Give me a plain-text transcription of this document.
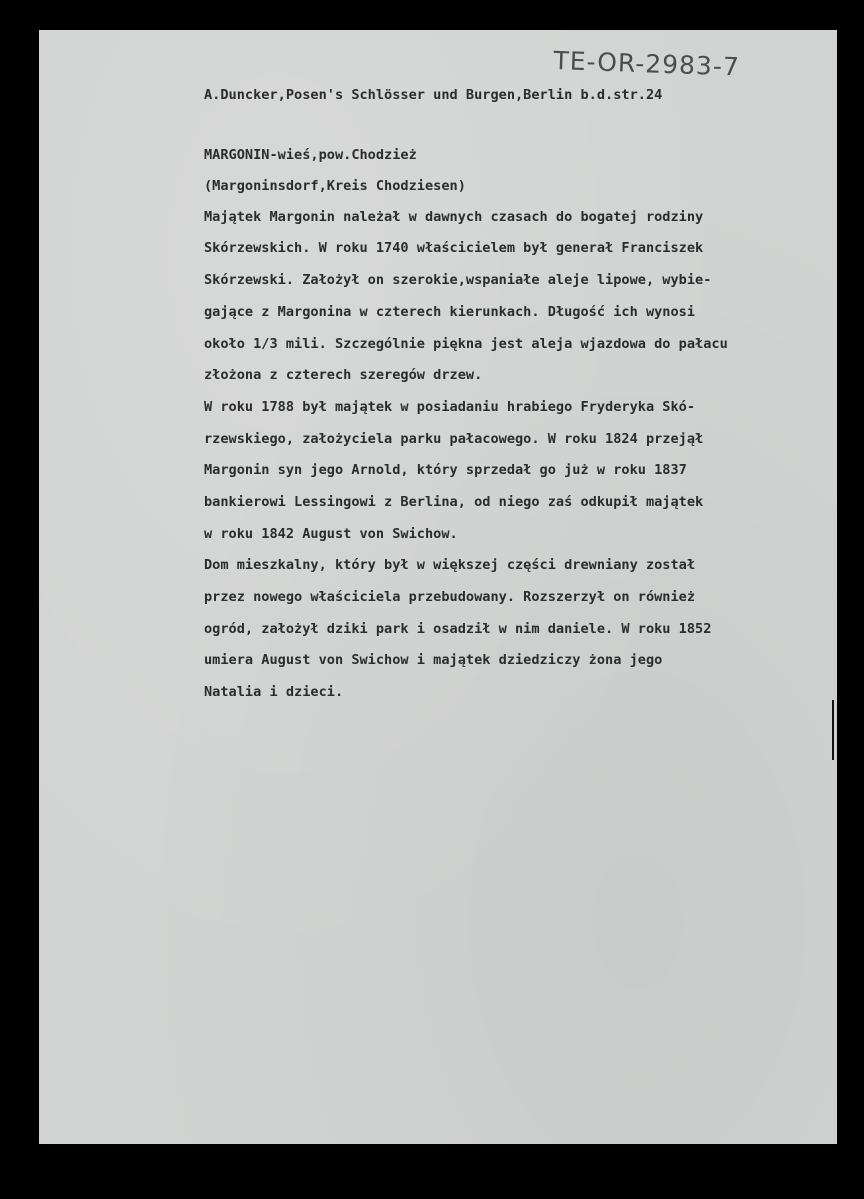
TE-OR-2983-7

A.Duncker,Posen's Schlösser und Burgen,Berlin b.d.str.24

MARGONIN-wieś,pow.Chodzież

(Margoninsdorf,Kreis Chodziesen)

Majątek Margonin należał w dawnych czasach do bogatej rodziny
Skórzewskich. W roku 1740 właścicielem był generał Franciszek
Skórzewski. Założył on szerokie,wspaniałe aleje lipowe, wybie-
gające z Margonina w czterech kierunkach. Długość ich wynosi
około 1/3 mili. Szczególnie piękna jest aleja wjazdowa do pałacu
złożona z czterech szeregów drzew.
W roku 1788 był majątek w posiadaniu hrabiego Fryderyka Skó-
rzewskiego, założyciela parku pałacowego. W roku 1824 przejął
Margonin syn jego Arnold, który sprzedał go już w roku 1837
bankierowi Lessingowi z Berlina, od niego zaś odkupił majątek
w roku 1842 August von Swichow.
Dom mieszkalny, który był w większej części drewniany został
przez nowego właściciela przebudowany. Rozszerzył on również
ogród, założył dziki park i osadził w nim daniele. W roku 1852
umiera August von Swichow i majątek dziedziczy żona jego
Natalia i dzieci.
